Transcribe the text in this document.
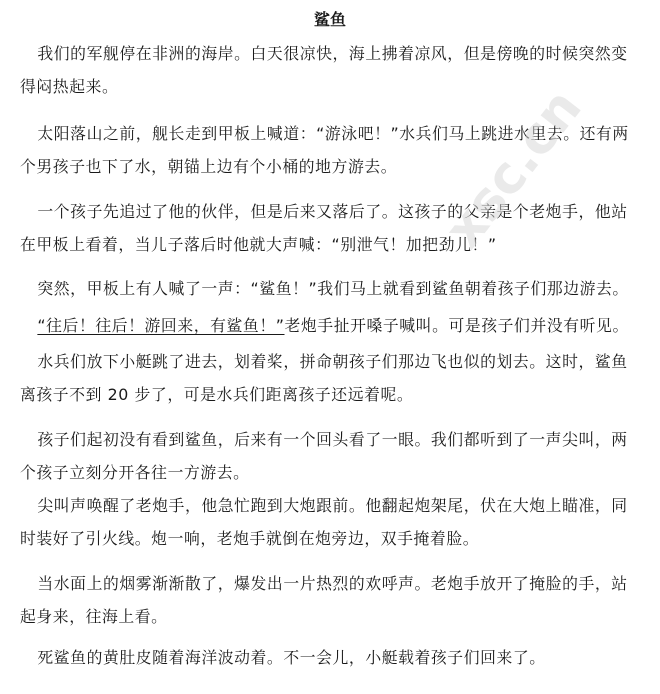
鲨鱼
我们的军舰停在非洲的海岸。白天很凉快，海上拂着凉风，但是傍晚的时候突然变得闷热起来。
太阳落山之前，舰长走到甲板上喊道：“游泳吧！”水兵们马上跳进水里去。还有两个男孩子也下了水，朝锚上边有个小桶的地方游去。
一个孩子先追过了他的伙伴，但是后来又落后了。这孩子的父亲是个老炮手，他站在甲板上看着，当儿子落后时他就大声喊：“别泄气！加把劲儿！”
突然，甲板上有人喊了一声：“鲨鱼！”我们马上就看到鲨鱼朝着孩子们那边游去。
“往后！往后！游回来，有鲨鱼！”老炮手扯开嗓子喊叫。可是孩子们并没有听见。
水兵们放下小艇跳了进去，划着桨，拼命朝孩子们那边飞也似的划去。这时，鲨鱼离孩子不到 20 步了，可是水兵们距离孩子还远着呢。
孩子们起初没有看到鲨鱼，后来有一个回头看了一眼。我们都听到了一声尖叫，两个孩子立刻分开各往一方游去。
尖叫声唤醒了老炮手，他急忙跑到大炮跟前。他翻起炮架尾，伏在大炮上瞄准，同时装好了引火线。炮一响，老炮手就倒在炮旁边，双手掩着脸。
当水面上的烟雾渐渐散了，爆发出一片热烈的欢呼声。老炮手放开了掩脸的手，站起身来，往海上看。
死鲨鱼的黄肚皮随着海洋波动着。不一会儿，小艇载着孩子们回来了。
xsc.cn
